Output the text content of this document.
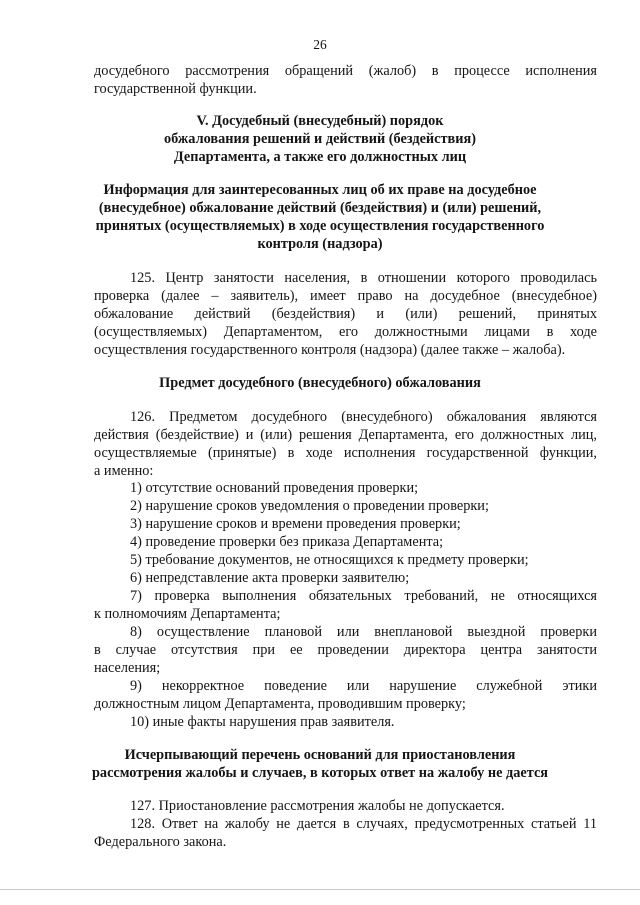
26
досудебного рассмотрения обращений (жалоб) в процессе исполнения
государственной функции.
V. Досудебный (внесудебный) порядок
обжалования решений и действий (бездействия)
Департамента, а также его должностных лиц
Информация для заинтересованных лиц об их праве на досудебное
(внесудебное) обжалование действий (бездействия) и (или) решений,
принятых (осуществляемых) в ходе осуществления государственного
контроля (надзора)
125. Центр занятости населения, в отношении которого проводилась
проверка (далее – заявитель), имеет право на досудебное (внесудебное)
обжалование действий (бездействия) и (или) решений, принятых
(осуществляемых) Департаментом, его должностными лицами в ходе
осуществления государственного контроля (надзора) (далее также – жалоба).
Предмет досудебного (внесудебного) обжалования
126. Предметом досудебного (внесудебного) обжалования являются
действия (бездействие) и (или) решения Департамента, его должностных лиц,
осуществляемые (принятые) в ходе исполнения государственной функции,
а именно:
1) отсутствие оснований проведения проверки;
2) нарушение сроков уведомления о проведении проверки;
3) нарушение сроков и времени проведения проверки;
4) проведение проверки без приказа Департамента;
5) требование документов, не относящихся к предмету проверки;
6) непредставление акта проверки заявителю;
7) проверка выполнения обязательных требований, не относящихся
к полномочиям Департамента;
8) осуществление плановой или внеплановой выездной проверки
в случае отсутствия при ее проведении директора центра занятости
населения;
9) некорректное поведение или нарушение служебной этики
должностным лицом Департамента, проводившим проверку;
10) иные факты нарушения прав заявителя.
Исчерпывающий перечень оснований для приостановления
рассмотрения жалобы и случаев, в которых ответ на жалобу не дается
127. Приостановление рассмотрения жалобы не допускается.
128. Ответ на жалобу не дается в случаях, предусмотренных статьей 11
Федерального закона.
